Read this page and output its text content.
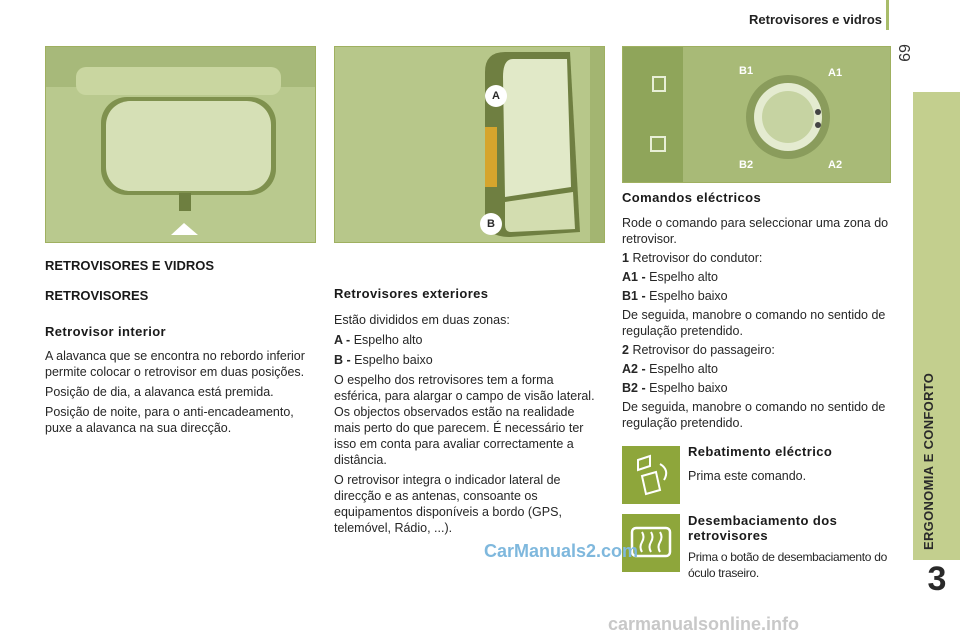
Retrovisores e vidros
69
ERGONOMIA E CONFORTO
3
A
B
B1	A1
B2	A2
RETROVISORES E VIDROS
RETROVISORES
Retrovisor interior

A alavanca que se encontra no rebordo inferior permite colocar o retrovisor em duas posições.

Posição de dia, a alavanca está premida.

Posição de noite, para o anti-encadeamento, puxe a alavanca na sua direcção.

Retrovisores exteriores

Estão divididos em duas zonas:

A - Espelho alto

B - Espelho baixo

O espelho dos retrovisores tem a forma esférica, para alargar o campo de visão lateral. Os objectos observados estão na realidade mais perto do que parecem. É necessário ter isso em conta para avaliar correctamente a distância.

O retrovisor integra o indicador lateral de direcção e as antenas, consoante os equipamentos disponíveis a bordo (GPS, telemóvel, Rádio, ...).

Comandos eléctricos

Rode o comando para seleccionar uma zona do retrovisor.

1 Retrovisor do condutor:

A1 - Espelho alto

B1 - Espelho baixo

De seguida, manobre o comando no sentido de regulação pretendido.

2 Retrovisor do passageiro:

A2 - Espelho alto

B2 - Espelho baixo

De seguida, manobre o comando no sentido de regulação pretendido.

Rebatimento eléctrico

Prima este comando.

Desembaciamento dos retrovisores

Prima o botão de desembaciamento do óculo traseiro.

CarManuals2.com
carmanualsonline.info
